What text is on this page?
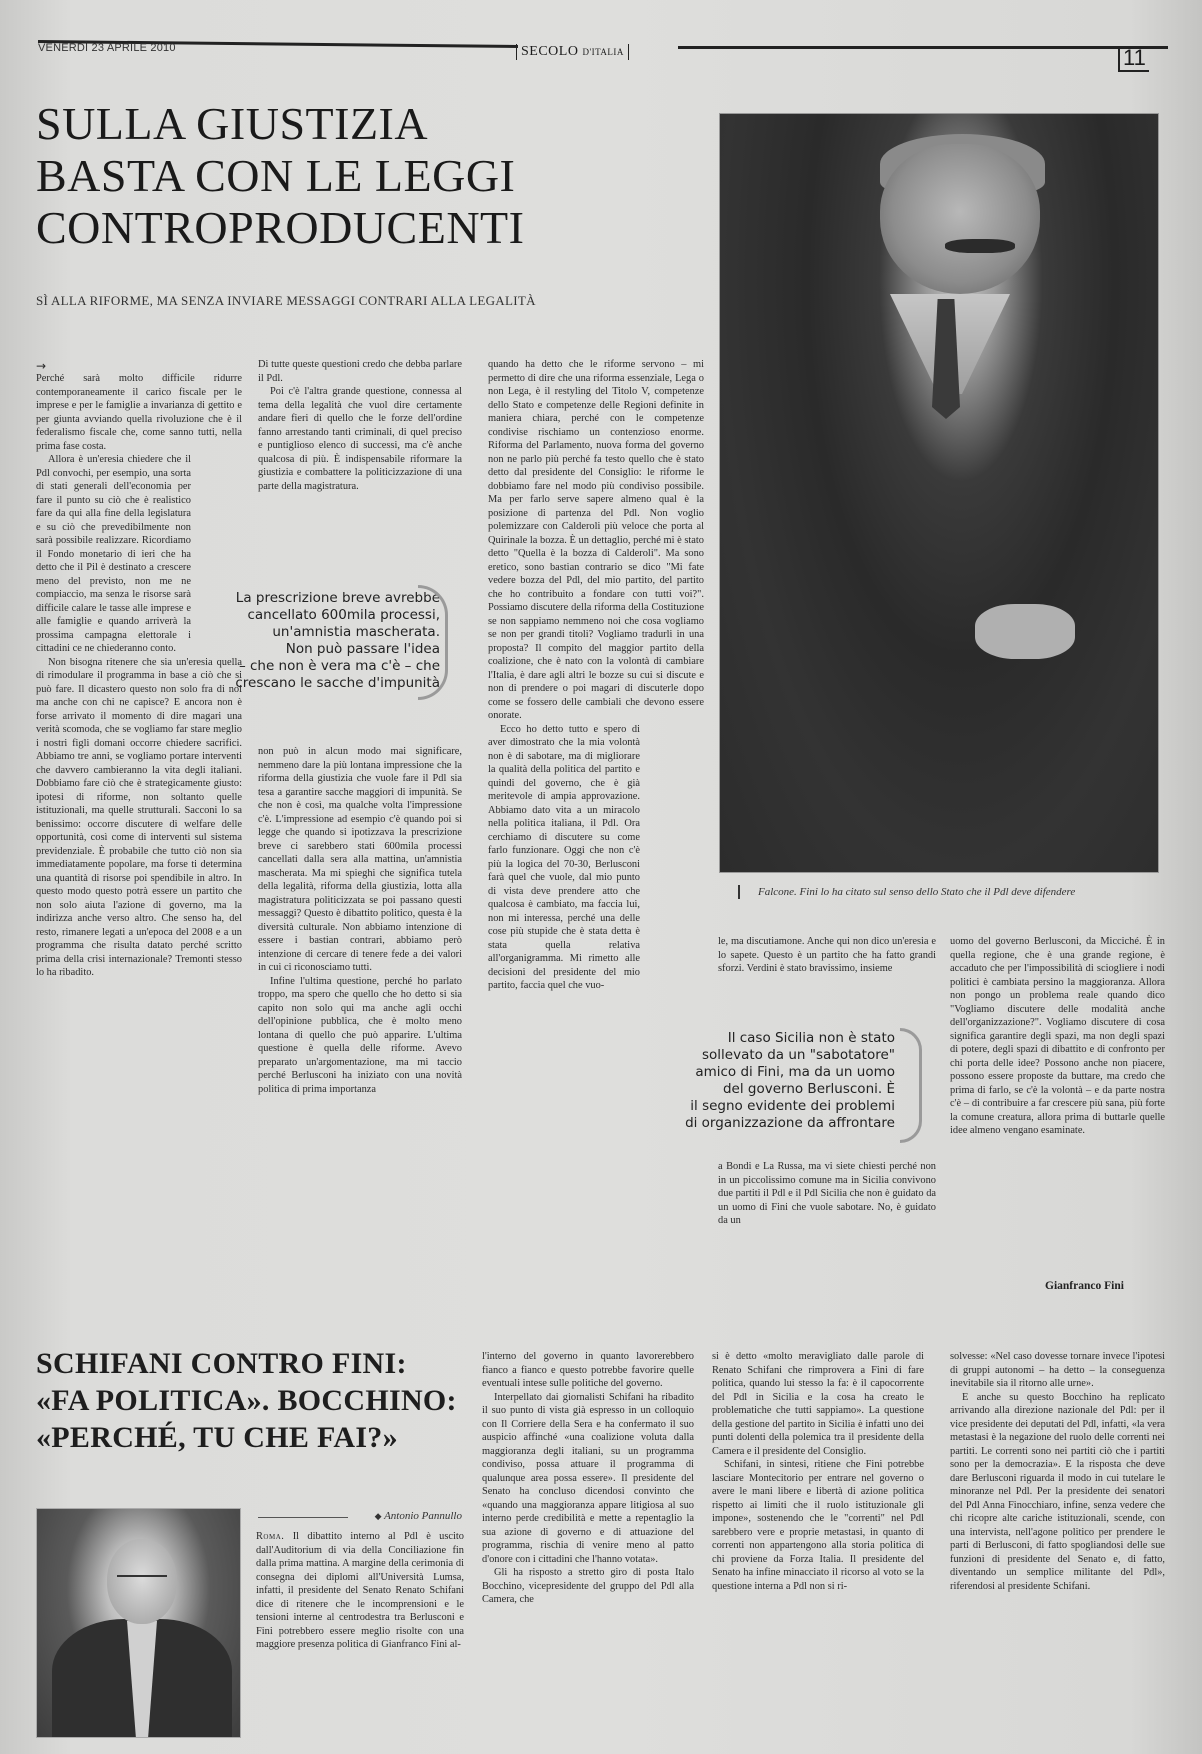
VENERDÌ 23 APRILE 2010	SECOLO D'ITALIA	11
SULLA GIUSTIZIA
BASTA CON LE LEGGI
CONTROPRODUCENTI
SÌ ALLA RIFORME, MA SENZA INVIARE MESSAGGI CONTRARI ALLA LEGALITÀ
→

Perché sarà molto difficile ridurre contemporaneamente il carico fiscale per le imprese e per le famiglie a invarianza di gettito e per giunta avviando quella rivoluzione che è il federalismo fiscale che, come sanno tutti, nella prima fase costa.

Allora è un'eresia chiedere che il Pdl convochi, per esempio, una sorta di stati generali dell'economia per fare il punto su ciò che è realistico fare da qui alla fine della legislatura e su ciò che prevedibilmente non sarà possibile realizzare. Ricordiamo il Fondo monetario di ieri che ha detto che il Pil è destinato a crescere meno del previsto, non me ne compiaccio, ma senza le risorse sarà difficile calare le tasse alle imprese e alle famiglie e quando arriverà la prossima campagna elettorale i cittadini ce ne chiederanno conto.

Non bisogna ritenere che sia un'eresia quella di rimodulare il programma in base a ciò che si può fare. Il dicastero questo non solo fra di noi ma anche con chi ne capisce? E ancora non è forse arrivato il momento di dire magari una verità scomoda, che se vogliamo far stare meglio i nostri figli domani occorre chiedere sacrifici. Abbiamo tre anni, se vogliamo portare interventi che davvero cambieranno la vita degli italiani. Dobbiamo fare ciò che è strategicamente giusto: ipotesi di riforme, non soltanto quelle istituzionali, ma quelle strutturali. Sacconi lo sa benissimo: occorre discutere di welfare delle opportunità, così come di interventi sul sistema previdenziale. È probabile che tutto ciò non sia immediatamente popolare, ma forse ti determina una quantità di risorse poi spendibile in altro. In questo modo questo potrà essere un partito che non solo aiuta l'azione di governo, ma la indirizza anche verso altro. Che senso ha, del resto, rimanere legati a un'epoca del 2008 e a un programma che risulta datato perché scritto prima della crisi internazionale? Tremonti stesso lo ha ribadito.

Di tutte queste questioni credo che debba parlare il Pdl.

Poi c'è l'altra grande questione, connessa al tema della legalità che vuol dire certamente andare fieri di quello che le forze dell'ordine fanno arrestando tanti criminali, di quel preciso e puntiglioso elenco di successi, ma c'è anche qualcosa di più. È indispensabile riformare la giustizia e combattere la politicizzazione di una parte della magistratura.

La prescrizione breve avrebbe
cancellato 600mila processi,
un'amnistia mascherata.
Non può passare l'idea
– che non è vera ma c'è – che
crescano le sacche d'impunità

non può in alcun modo mai significare, nemmeno dare la più lontana impressione che la riforma della giustizia che vuole fare il Pdl sia tesa a garantire sacche maggiori di impunità. Se che non è così, ma qualche volta l'impressione c'è. L'impressione ad esempio c'è quando poi si legge che quando si ipotizzava la prescrizione breve ci sarebbero stati 600mila processi cancellati dalla sera alla mattina, un'amnistia mascherata. Ma mi spieghi che significa tutela della legalità, riforma della giustizia, lotta alla magistratura politicizzata se poi passano questi messaggi? Questo è dibattito politico, questa è la diversità culturale. Non abbiamo intenzione di essere i bastian contrari, abbiamo però intenzione di cercare di tenere fede a dei valori in cui ci riconosciamo tutti.

Infine l'ultima questione, perché ho parlato troppo, ma spero che quello che ho detto si sia capito non solo qui ma anche agli occhi dell'opinione pubblica, che è molto meno lontana di quello che può apparire. L'ultima questione è quella delle riforme. Avevo preparato un'argomentazione, ma mi taccio perché Berlusconi ha iniziato con una novità politica di prima importanza

quando ha detto che le riforme servono – mi permetto di dire che una riforma essenziale, Lega o non Lega, è il restyling del Titolo V, competenze dello Stato e competenze delle Regioni definite in maniera chiara, perché con le competenze condivise rischiamo un contenzioso enorme. Riforma del Parlamento, nuova forma del governo non ne parlo più perché fa testo quello che è stato detto dal presidente del Consiglio: le riforme le dobbiamo fare nel modo più condiviso possibile. Ma per farlo serve sapere almeno qual è la posizione di partenza del Pdl. Non voglio polemizzare con Calderoli più veloce che porta al Quirinale la bozza. È un dettaglio, perché mi è stato detto "Quella è la bozza di Calderoli". Ma sono eretico, sono bastian contrario se dico "Mi fate vedere bozza del Pdl, del mio partito, del partito che ho contribuito a fondare con tutti voi?". Possiamo discutere della riforma della Costituzione se non sappiamo nemmeno noi che cosa vogliamo se non per grandi titoli? Vogliamo tradurli in una proposta? Il compito del maggior partito della coalizione, che è nato con la volontà di cambiare l'Italia, è dare agli altri le bozze su cui si discute e non di prendere o poi magari di discuterle dopo come se fossero delle cambiali che devono essere onorate.

Ecco ho detto tutto e spero di aver dimostrato che la mia volontà non è di sabotare, ma di migliorare la qualità della politica del partito e quindi del governo, che è già meritevole di ampia approvazione. Abbiamo dato vita a un miracolo nella politica italiana, il Pdl. Ora cerchiamo di discutere su come farlo funzionare. Oggi che non c'è più la logica del 70-30, Berlusconi farà quel che vuole, dal mio punto di vista deve prendere atto che qualcosa è cambiato, ma faccia lui, non mi interessa, perché una delle cose più stupide che è stata detta è stata quella relativa all'organigramma. Mi rimetto alle decisioni del presidente del mio partito, faccia quel che vuo-

Falcone. Fini lo ha citato sul senso dello Stato che il Pdl deve difendere

le, ma discutiamone. Anche qui non dico un'eresia e lo sapete. Questo è un partito che ha fatto grandi sforzi. Verdini è stato bravissimo, insieme

Il caso Sicilia non è stato
sollevato da un "sabotatore"
amico di Fini, ma da un uomo
del governo Berlusconi. È
il segno evidente dei problemi
di organizzazione da affrontare

a Bondi e La Russa, ma vi siete chiesti perché non in un piccolissimo comune ma in Sicilia convivono due partiti il Pdl e il Pdl Sicilia che non è guidato da un uomo di Fini che vuole sabotare. No, è guidato da un

uomo del governo Berlusconi, da Micciché. È in quella regione, che è una grande regione, è accaduto che per l'impossibilità di sciogliere i nodi politici è cambiata persino la maggioranza. Allora non pongo un problema reale quando dico "Vogliamo discutere delle modalità anche dell'organizzazione?". Vogliamo discutere di cosa significa garantire degli spazi, ma non degli spazi di potere, degli spazi di dibattito e di confronto per chi porta delle idee? Possono anche non piacere, possono essere proposte da buttare, ma credo che prima di farlo, se c'è la volontà – e da parte nostra c'è – di contribuire a far crescere più sana, più forte la comune creatura, allora prima di buttarle quelle idee almeno vengano esaminate.

Gianfranco Fini
SCHIFANI CONTRO FINI:
«FA POLITICA». BOCCHINO:
«PERCHÉ, TU CHE FAI?»
◆ Antonio Pannullo

Roma. Il dibattito interno al Pdl è uscito dall'Auditorium di via della Conciliazione fin dalla prima mattina. A margine della cerimonia di consegna dei diplomi all'Università Lumsa, infatti, il presidente del Senato Renato Schifani dice di ritenere che le incomprensioni e le tensioni interne al centrodestra tra Berlusconi e Fini potrebbero essere meglio risolte con una maggiore presenza politica di Gianfranco Fini al-

l'interno del governo in quanto lavorerebbero fianco a fianco e questo potrebbe favorire quelle eventuali intese sulle politiche del governo.

Interpellato dai giornalisti Schifani ha ribadito il suo punto di vista già espresso in un colloquio con Il Corriere della Sera e ha confermato il suo auspicio affinché «una coalizione voluta dalla maggioranza degli italiani, su un programma condiviso, possa attuare il programma di qualunque area possa essere». Il presidente del Senato ha concluso dicendosi convinto che «quando una maggioranza appare litigiosa al suo interno perde credibilità e mette a repentaglio la sua azione di governo e di attuazione del programma, rischia di venire meno al patto d'onore con i cittadini che l'hanno votata».

Gli ha risposto a stretto giro di posta Italo Bocchino, vicepresidente del gruppo del Pdl alla Camera, che

si è detto «molto meravigliato dalle parole di Renato Schifani che rimprovera a Fini di fare politica, quando lui stesso la fa: è il capocorrente del Pdl in Sicilia e la cosa ha creato le problematiche che tutti sappiamo». La questione della gestione del partito in Sicilia è infatti uno dei punti dolenti della polemica tra il presidente della Camera e il presidente del Consiglio.

Schifani, in sintesi, ritiene che Fini potrebbe lasciare Montecitorio per entrare nel governo o avere le mani libere e libertà di azione politica rispetto ai limiti che il ruolo istituzionale gli impone», sostenendo che le "correnti" nel Pdl sarebbero vere e proprie metastasi, in quanto di correnti non appartengono alla storia politica di chi proviene da Forza Italia. Il presidente del Senato ha infine minacciato il ricorso al voto se la questione interna a Pdl non si ri-

solvesse: «Nel caso dovesse tornare invece l'ipotesi di gruppi autonomi – ha detto – la conseguenza inevitabile sia il ritorno alle urne».

E anche su questo Bocchino ha replicato arrivando alla direzione nazionale del Pdl: per il vice presidente dei deputati del Pdl, infatti, «la vera metastasi è la negazione del ruolo delle correnti nei partiti. Le correnti sono nei partiti ciò che i partiti sono per la democrazia». E la risposta che deve dare Berlusconi riguarda il modo in cui tutelare le minoranze nel Pdl. Per la presidente dei senatori del Pdl Anna Finocchiaro, infine, senza vedere che chi ricopre alte cariche istituzionali, scende, con una intervista, nell'agone politico per prendere le parti di Berlusconi, di fatto spogliandosi delle sue funzioni di presidente del Senato e, di fatto, diventando un semplice militante del Pdl», riferendosi al presidente Schifani.
